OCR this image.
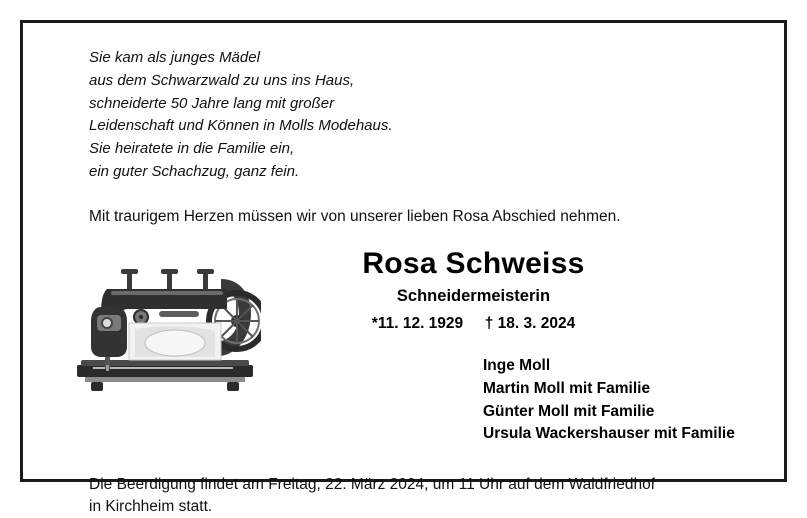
Sie kam als junges Mädel
aus dem Schwarzwald zu uns ins Haus,
schneiderte 50 Jahre lang mit großer
Leidenschaft und Können in Molls Modehaus.
Sie heiratete in die Familie ein,
ein guter Schachzug, ganz fein.
Mit traurigem Herzen müssen wir von unserer lieben Rosa Abschied nehmen.
Rosa Schweiss
Schneidermeisterin
*11. 12. 1929     † 18. 3. 2024
Inge Moll
Martin Moll mit Familie
Günter Moll mit Familie
Ursula Wackershauser mit Familie
Die Beerdigung findet am Freitag, 22. März 2024, um 11 Uhr auf dem Waldfriedhof
in Kirchheim statt.
